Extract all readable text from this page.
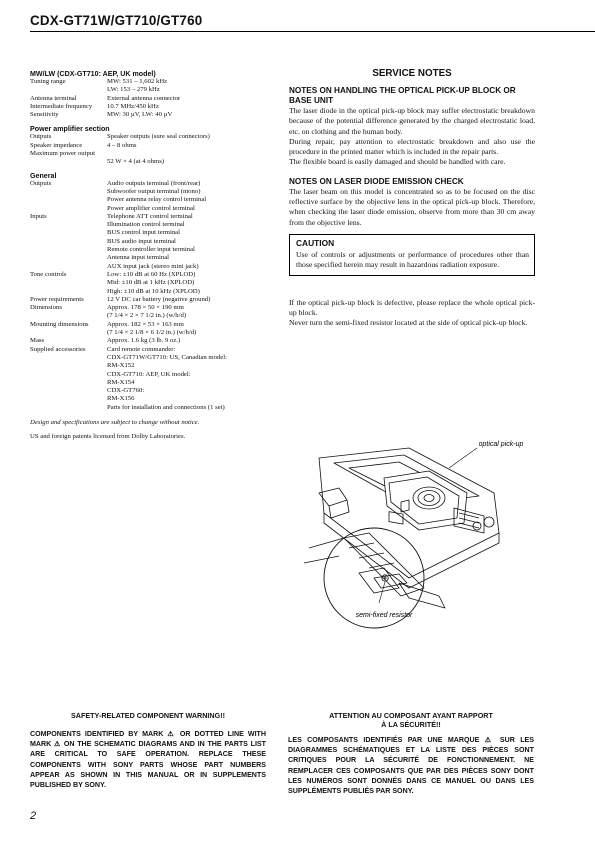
CDX-GT71W/GT710/GT760

MW/LW (CDX-GT710: AEP, UK model)

Tuning range	MW: 531 – 1,602 kHz
LW: 153 – 279 kHz
Antenna terminal	External antenna connector
Intermediate frequency	10.7 MHz/450 kHz
Sensitivity	MW: 30 µV, LW: 40 µV

Power amplifier section

Outputs	Speaker outputs (sure seal connectors)
Speaker impedance	4 – 8 ohms
Maximum power output
52 W × 4 (at 4 ohms)

General

Outputs	Audio outputs terminal (front/rear)
Subwoofer output terminal (mono)
Power antenna relay control terminal
Power amplifier control terminal
Inputs	Telephone ATT control terminal
Illumination control terminal
BUS control input terminal
BUS audio input terminal
Remote controller input terminal
Antenna input terminal
AUX input jack (stereo mini jack)
Tone controls	Low: ±10 dB at 60 Hz (XPLOD)
Mid: ±10 dB at 1 kHz (XPLOD)
High: ±10 dB at 10 kHz (XPLOD)
Power requirements	12 V DC car battery (negative ground)
Dimensions	Approx. 178 × 50 × 190 mm
(7 1/4 × 2 × 7 1/2 in.) (w/h/d)
Mounting dimensions	Approx. 182 × 53 × 163 mm
(7 1/4 × 2 1/8 × 6 1/2 in.) (w/h/d)
Mass	Approx. 1.6 kg (3 lb. 9 oz.)
Supplied accessories	Card remote commander:
CDX-GT71W/GT710: US, Canadian model:
RM-X152
CDX-GT710: AEP, UK model:
RM-X154
CDX-GT760:
RM-X156
Parts for installation and connections (1 set)
Design and specifications are subject to change without notice.
US and foreign patents licensed from Dolby Laboratories.

SERVICE NOTES

NOTES ON HANDLING THE OPTICAL PICK-UP BLOCK OR BASE UNIT

The laser diode in the optical pick-up block may suffer electrostatic breakdown because of the potential difference generated by the charged electrostatic load, etc. on clothing and the human body.

During repair, pay attention to electrostatic breakdown and also use the procedure in the printed matter which is included in the repair parts.

The flexible board is easily damaged and should be handled with care.

NOTES ON LASER DIODE EMISSION CHECK

The laser beam on this model is concentrated so as to be focused on the disc reflective surface by the objective lens in the optical pick-up block. Therefore, when checking the laser diode emission, observe from more than 30 cm away from the objective lens.

CAUTION

Use of controls or adjustments or performance of procedures other than those specified herein may result in hazardous radiation exposure.

If the optical pick-up block is defective, please replace the whole optical pick-up block.

Never turn the semi-fixed resistor located at the side of optical pick-up block.

optical pick-up
semi-fixed resistor

SAFETY-RELATED COMPONENT WARNING!!

COMPONENTS IDENTIFIED BY MARK ⚠ OR DOTTED LINE WITH MARK ⚠ ON THE SCHEMATIC DIAGRAMS AND IN THE PARTS LIST ARE CRITICAL TO SAFE OPERATION. REPLACE THESE COMPONENTS WITH SONY PARTS WHOSE PART NUMBERS APPEAR AS SHOWN IN THIS MANUAL OR IN SUPPLEMENTS PUBLISHED BY SONY.

ATTENTION AU COMPOSANT AYANT RAPPORT

À LA SÉCURITÉ!!

LES COMPOSANTS IDENTIFIÉS PAR UNE MARQUE ⚠ SUR LES DIAGRAMMES SCHÉMATIQUES ET LA LISTE DES PIÈCES SONT CRITIQUES POUR LA SÉCURITÉ DE FONCTIONNEMENT. NE REMPLACER CES COMPOSANTS QUE PAR DES PIÈCES SONY DONT LES NUMÉROS SONT DONNÉS DANS CE MANUEL OU DANS LES SUPPLÉMENTS PUBLIÉS PAR SONY.

2
